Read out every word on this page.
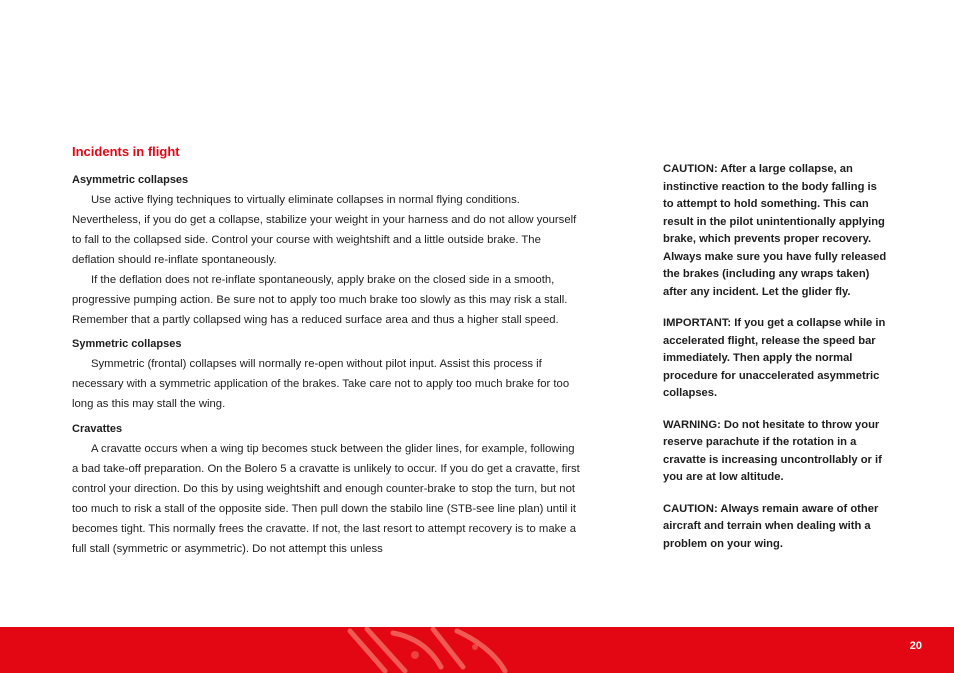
Incidents in flight
Asymmetric collapses

Use active flying techniques to virtually eliminate collapses in normal flying conditions. Nevertheless, if you do get a collapse, stabilize your weight in your harness and do not allow yourself to fall to the collapsed side. Control your course with weightshift and a little outside brake. The deflation should re-inflate spontaneously.

If the deflation does not re-inflate spontaneously, apply brake on the closed side in a smooth, progressive pumping action. Be sure not to apply too much brake too slowly as this may risk a stall. Remember that a partly collapsed wing has a reduced surface area and thus a higher stall speed.

Symmetric collapses

Symmetric (frontal) collapses will normally re-open without pilot input. Assist this process if necessary with a symmetric application of the brakes. Take care not to apply too much brake for too long as this may stall the wing.

Cravattes

A cravatte occurs when a wing tip becomes stuck between the glider lines, for example, following a bad take-off preparation. On the Bolero 5 a cravatte is unlikely to occur. If you do get a cravatte, first control your direction. Do this by using weightshift and enough counter-brake to stop the turn, but not too much to risk a stall of the opposite side. Then pull down the stabilo line (STB-see line plan) until it becomes tight. This normally frees the cravatte. If not, the last resort to attempt recovery is to make a full stall (symmetric or asymmetric). Do not attempt this unless

CAUTION: After a large collapse, an instinctive reaction to the body falling is to attempt to hold something. This can result in the pilot unintentionally applying brake, which prevents proper recovery. Always make sure you have fully released the brakes (including any wraps taken) after any incident. Let the glider fly.

IMPORTANT: If you get a collapse while in accelerated flight, release the speed bar immediately. Then apply the normal procedure for unaccelerated asymmetric collapses.

WARNING: Do not hesitate to throw your reserve parachute if the rotation in a cravatte is increasing uncontrollably or if you are at low altitude.

CAUTION: Always remain aware of other aircraft and terrain when dealing with a problem on your wing.

20
